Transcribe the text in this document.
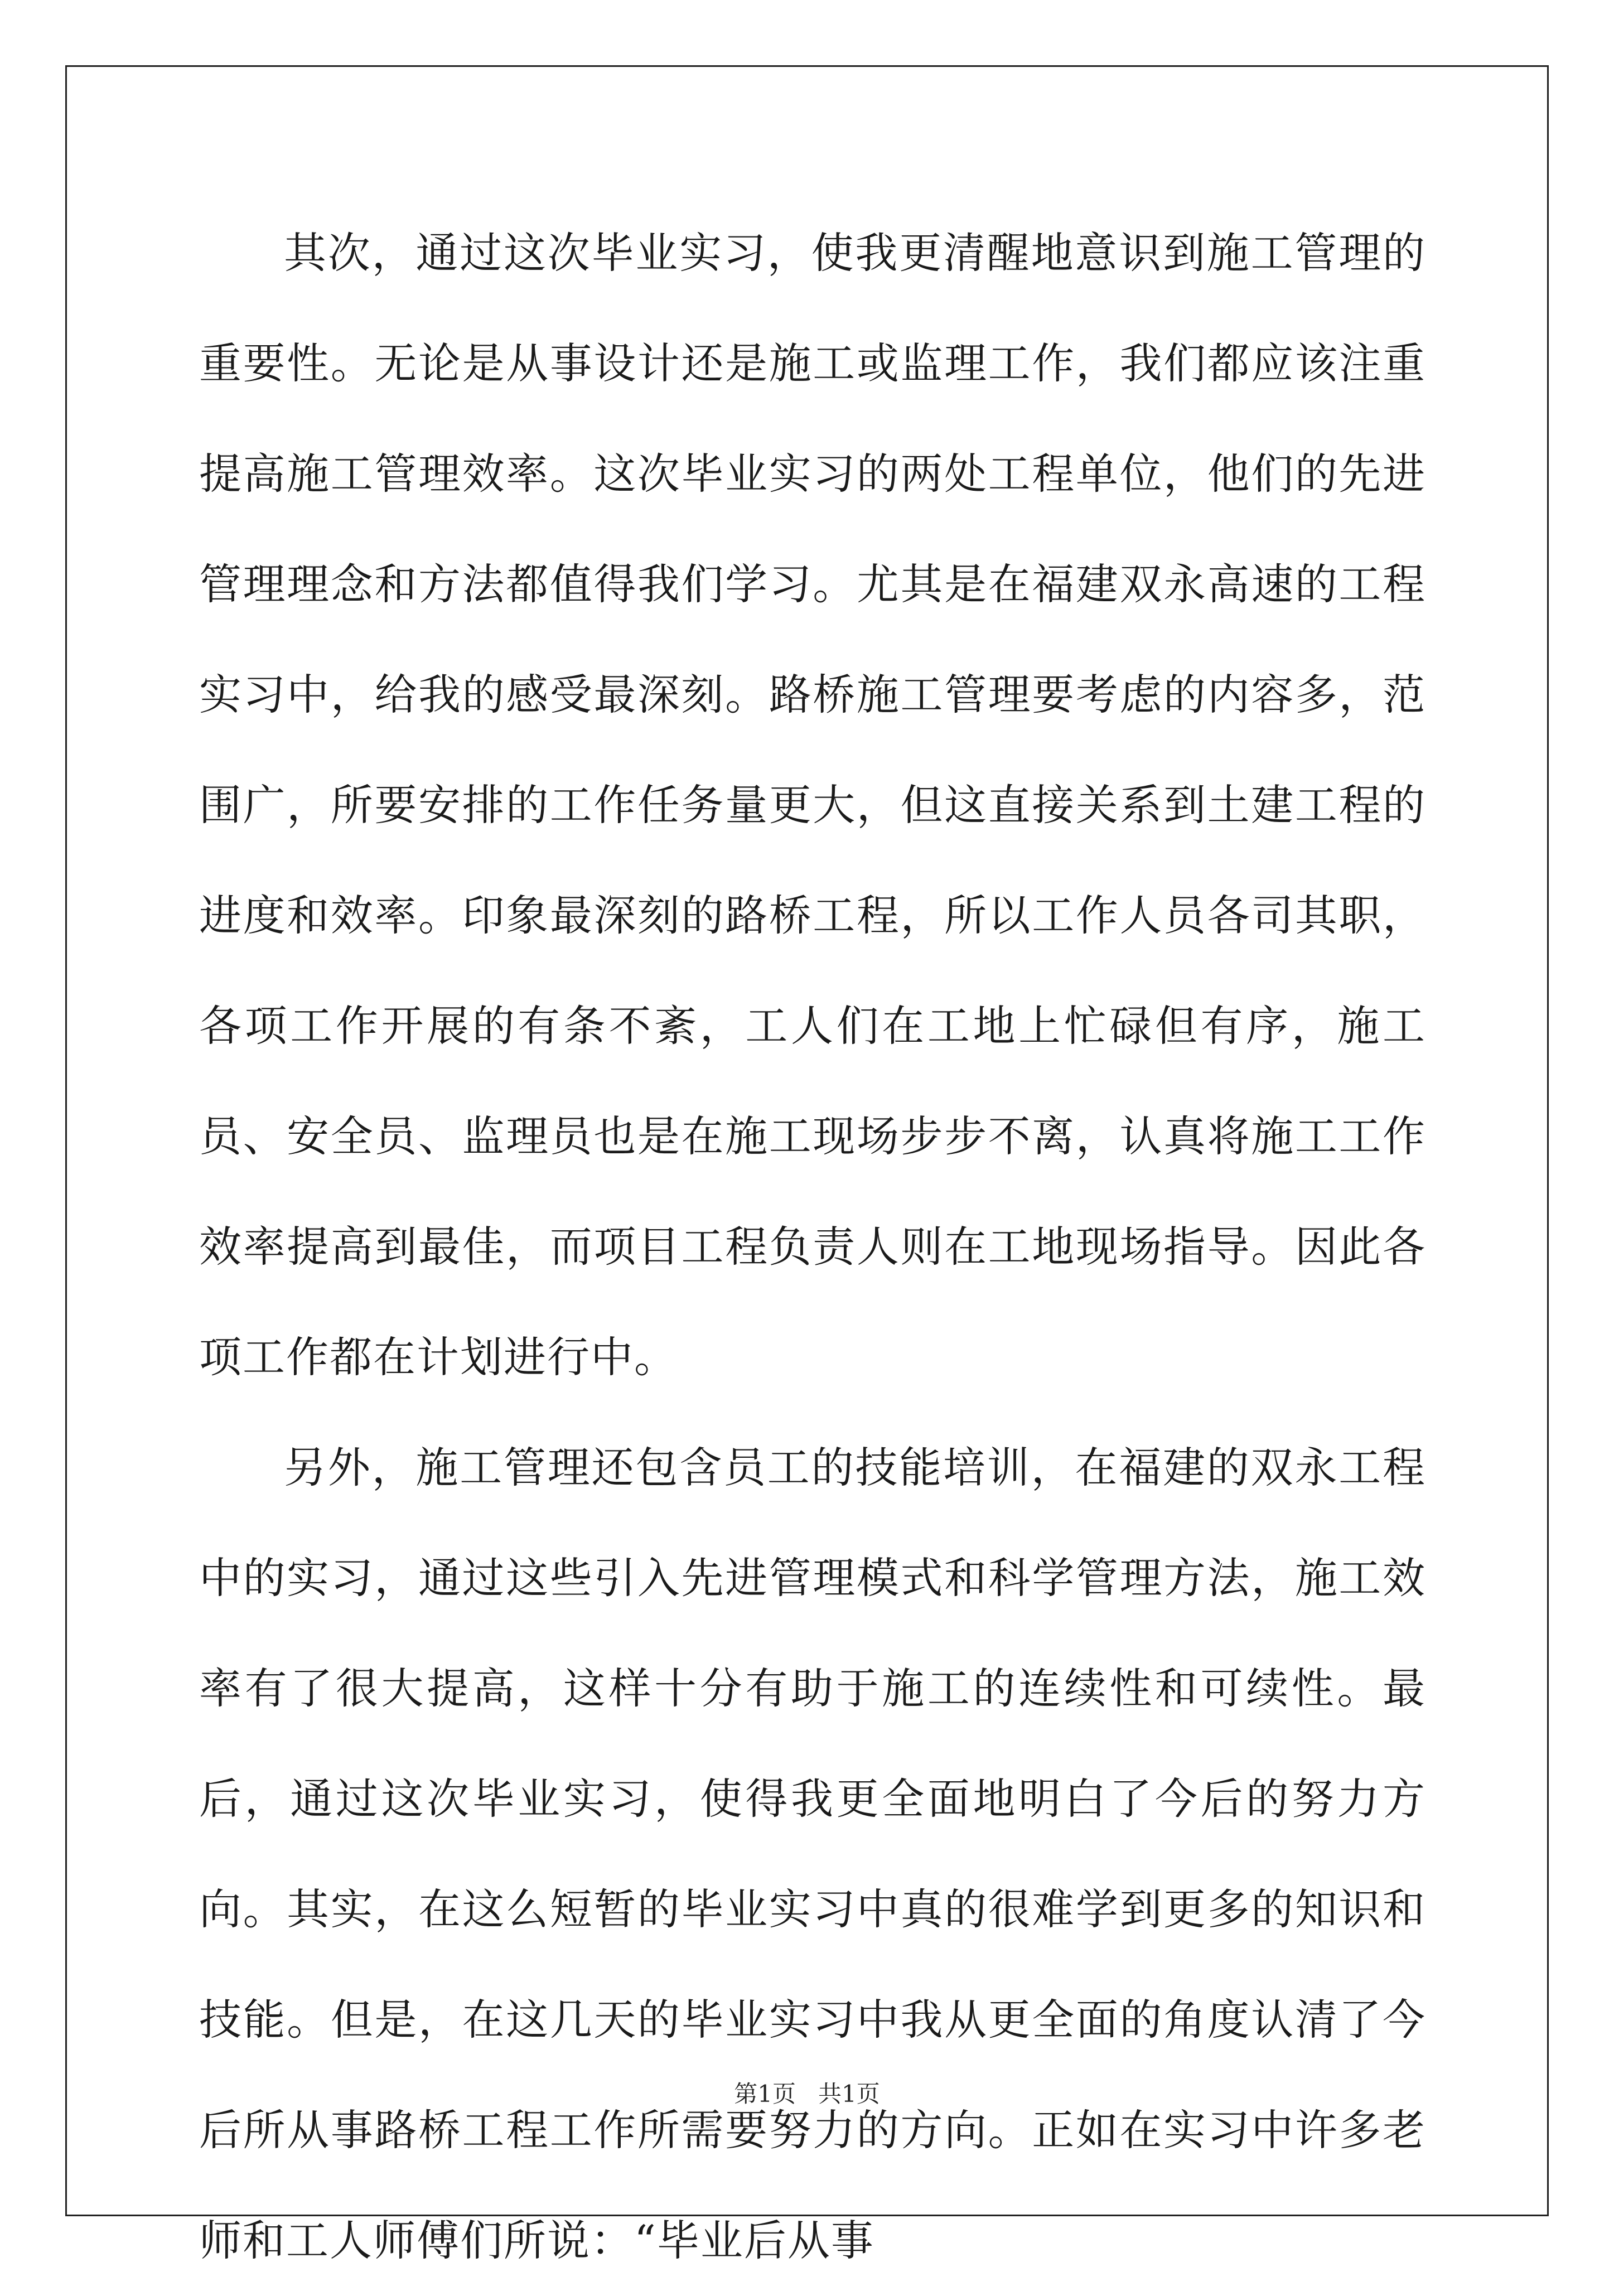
其次，通过这次毕业实习，使我更清醒地意识到施工管理的重要性。无论是从事设计还是施工或监理工作，我们都应该注重提高施工管理效率。这次毕业实习的两处工程单位，他们的先进管理理念和方法都值得我们学习。尤其是在福建双永高速的工程实习中，给我的感受最深刻。路桥施工管理要考虑的内容多，范围广，所要安排的工作任务量更大，但这直接关系到土建工程的进度和效率。印象最深刻的路桥工程，所以工作人员各司其职，各项工作开展的有条不紊，工人们在工地上忙碌但有序，施工员、安全员、监理员也是在施工现场步步不离，认真将施工工作效率提高到最佳，而项目工程负责人则在工地现场指导。因此各项工作都在计划进行中。

另外，施工管理还包含员工的技能培训，在福建的双永工程中的实习，通过这些引入先进管理模式和科学管理方法，施工效率有了很大提高，这样十分有助于施工的连续性和可续性。最后，通过这次毕业实习，使得我更全面地明白了今后的努力方向。其实，在这么短暂的毕业实习中真的很难学到更多的知识和技能。但是，在这几天的毕业实习中我从更全面的角度认清了今后所从事路桥工程工作所需要努力的方向。正如在实习中许多老师和工人师傅们所说：“毕业后从事

第1页 共1页
